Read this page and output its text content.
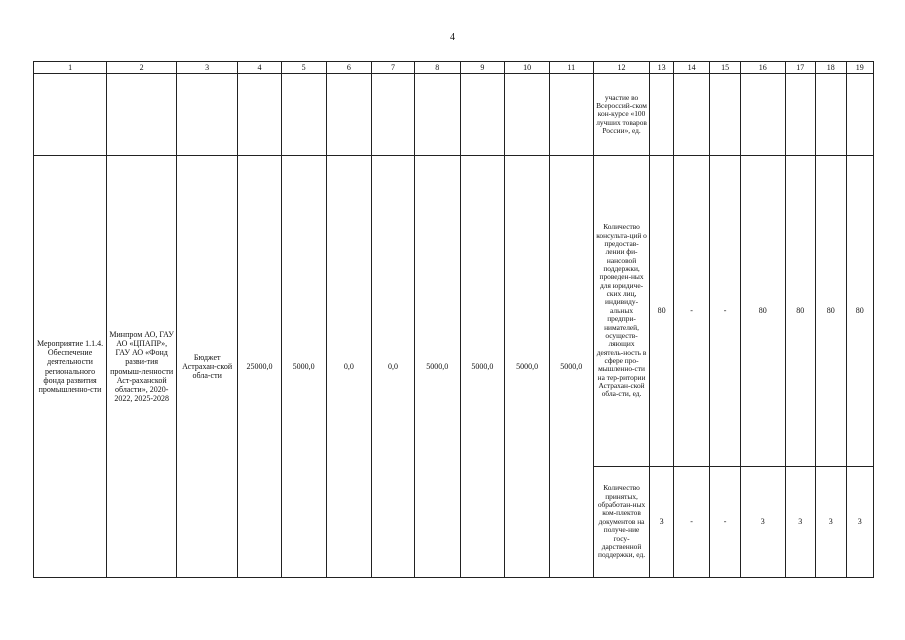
4
1	2	3	4	5	6	7	8	9	10	11	12	13	14	15	16	17	18	19
											участие во Всероссий-ском кон-курсе «100 лучших товаров России», ед.							
Мероприятие 1.1.4. Обеспечение деятельности регионального фонда развития промышленно-сти	Минпром АО, ГАУ АО «ЦПАПР», ГАУ АО «Фонд разви-тия промыш-ленности Аст-раханской области», 2020-2022, 2025-2028	Бюджет Астрахан-ской обла-сти	25000,0	5000,0	0,0	0,0	5000,0	5000,0	5000,0	5000,0	Количество консульта-ций о предостав-лении фи-нансовой поддержки, проведен-ных для юридиче-ских лиц, индивиду-альных предпри-нимателей, осуществ-ляющих деятель-ность в сфере про-мышленно-сти на тер-ритории Астрахан-ской обла-сти, ед.	80	-	-	80	80	80	80
											Количество принятых, обработан-ных ком-плектов документов на получе-ние госу-дарственной поддержки, ед.	3	-	-	3	3	3	3
